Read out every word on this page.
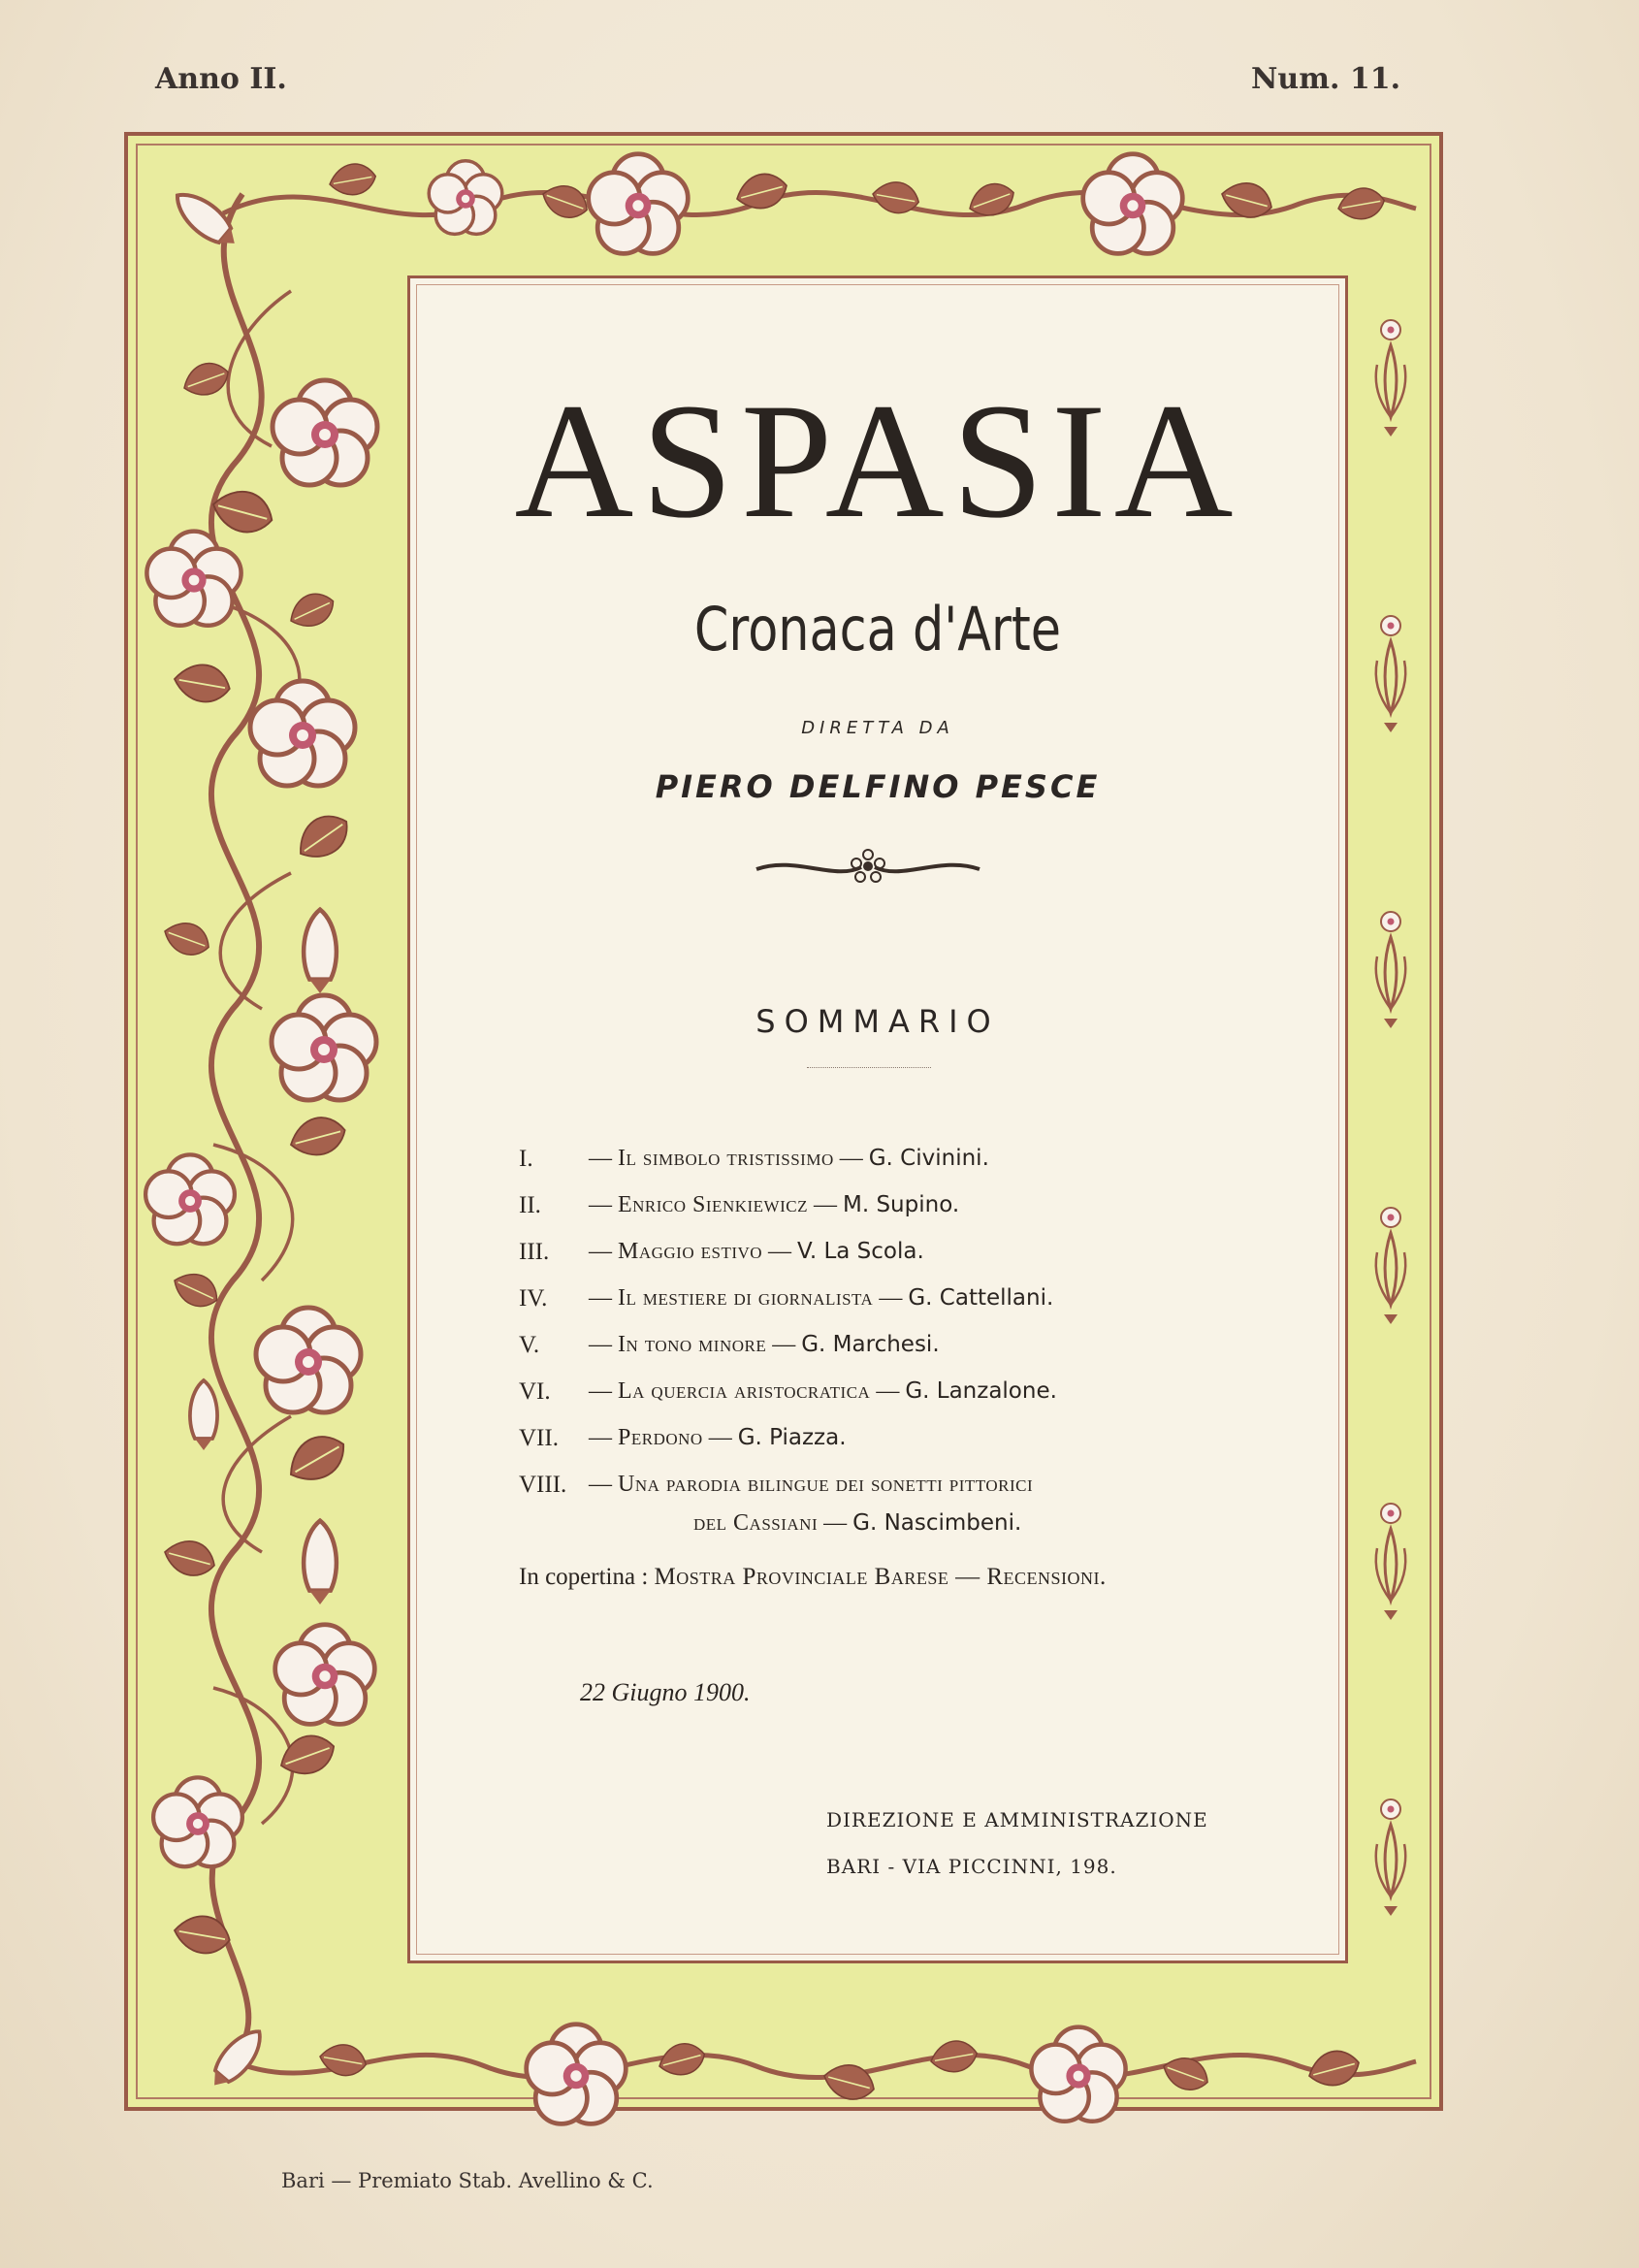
Anno II.	Num. 11.
ASPASIA
Cronaca d'Arte
DIRETTA DA
PIERO DELFINO PESCE
SOMMARIO
I. — Il simbolo tristissimo — G. Civinini.
II. — Enrico Sienkiewicz — M. Supino.
III. — Maggio estivo — V. La Scola.
IV. — Il mestiere di giornalista — G. Cattellani.
V. — In tono minore — G. Marchesi.
VI. — La quercia aristocratica — G. Lanzalone.
VII. — Perdono — G. Piazza.
VIII. — Una parodia bilingue dei sonetti pittorici
del Cassiani — G. Nascimbeni.
In copertina : Mostra Provinciale Barese — Recensioni.
22 Giugno 1900.
DIREZIONE E AMMINISTRAZIONE
BARI - VIA PICCINNI, 198.
Bari — Premiato Stab. Avellino & C.
